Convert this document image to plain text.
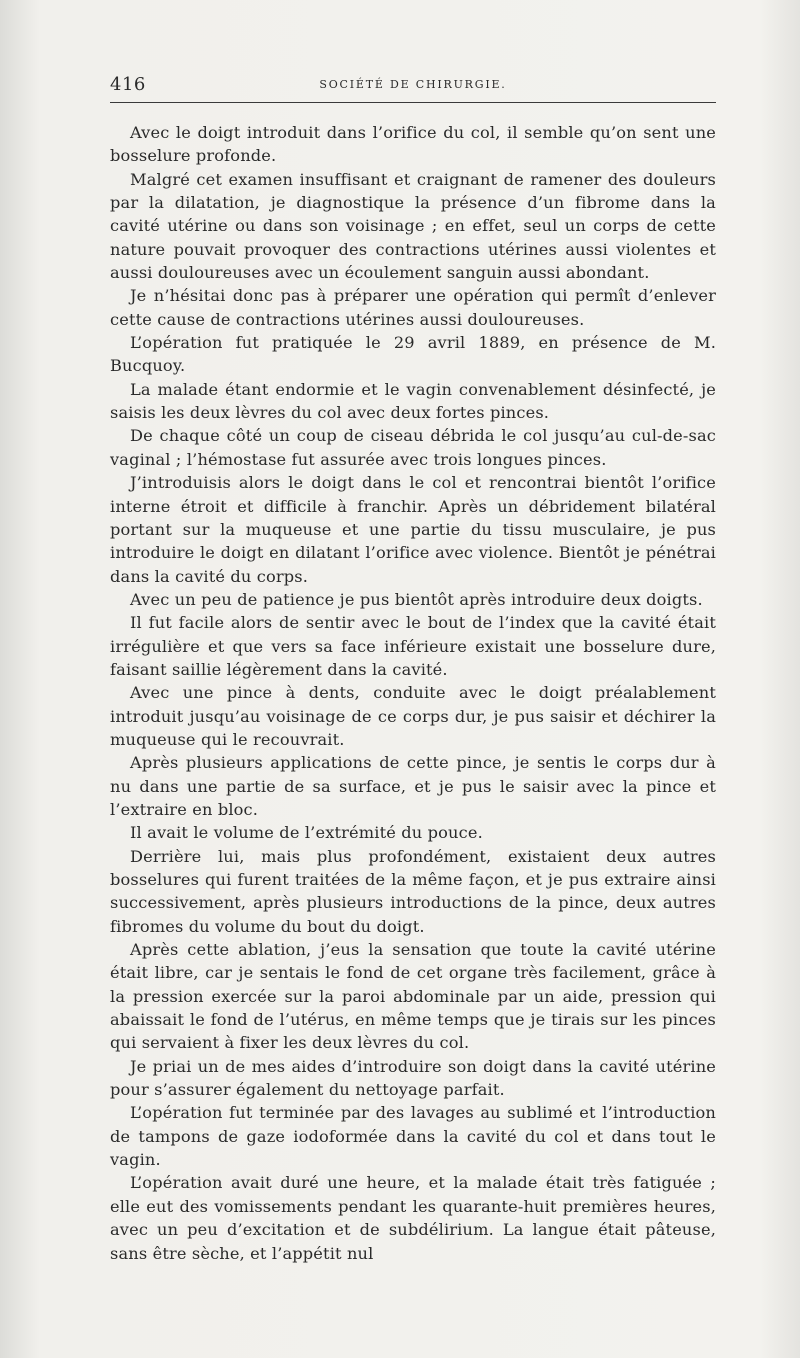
416	SOCIÉTÉ DE CHIRURGIE.

Avec le doigt introduit dans l’orifice du col, il semble qu’on sent une bosselure profonde.

Malgré cet examen insuffisant et craignant de ramener des douleurs par la dilatation, je diagnostique la présence d’un fibrome dans la cavité utérine ou dans son voisinage ; en effet, seul un corps de cette nature pouvait provoquer des contractions utérines aussi violentes et aussi douloureuses avec un écoulement sanguin aussi abondant.

Je n’hésitai donc pas à préparer une opération qui permît d’enlever cette cause de contractions utérines aussi douloureuses.

L’opération fut pratiquée le 29 avril 1889, en présence de M. Bucquoy.

La malade étant endormie et le vagin convenablement désinfecté, je saisis les deux lèvres du col avec deux fortes pinces.

De chaque côté un coup de ciseau débrida le col jusqu’au cul-de-sac vaginal ; l’hémostase fut assurée avec trois longues pinces.

J’introduisis alors le doigt dans le col et rencontrai bientôt l’orifice interne étroit et difficile à franchir. Après un débridement bilatéral portant sur la muqueuse et une partie du tissu musculaire, je pus introduire le doigt en dilatant l’orifice avec violence. Bientôt je pénétrai dans la cavité du corps.

Avec un peu de patience je pus bientôt après introduire deux doigts.

Il fut facile alors de sentir avec le bout de l’index que la cavité était irrégulière et que vers sa face inférieure existait une bosselure dure, faisant saillie légèrement dans la cavité.

Avec une pince à dents, conduite avec le doigt préalablement introduit jusqu’au voisinage de ce corps dur, je pus saisir et déchirer la muqueuse qui le recouvrait.

Après plusieurs applications de cette pince, je sentis le corps dur à nu dans une partie de sa surface, et je pus le saisir avec la pince et l’extraire en bloc.

Il avait le volume de l’extrémité du pouce.

Derrière lui, mais plus profondément, existaient deux autres bosselures qui furent traitées de la même façon, et je pus extraire ainsi successivement, après plusieurs introductions de la pince, deux autres fibromes du volume du bout du doigt.

Après cette ablation, j’eus la sensation que toute la cavité utérine était libre, car je sentais le fond de cet organe très facilement, grâce à la pression exercée sur la paroi abdominale par un aide, pression qui abaissait le fond de l’utérus, en même temps que je tirais sur les pinces qui servaient à fixer les deux lèvres du col.

Je priai un de mes aides d’introduire son doigt dans la cavité utérine pour s’assurer également du nettoyage parfait.

L’opération fut terminée par des lavages au sublimé et l’introduction de tampons de gaze iodoformée dans la cavité du col et dans tout le vagin.

L’opération avait duré une heure, et la malade était très fatiguée ; elle eut des vomissements pendant les quarante-huit premières heures, avec un peu d’excitation et de subdélirium. La langue était pâteuse, sans être sèche, et l’appétit nul
